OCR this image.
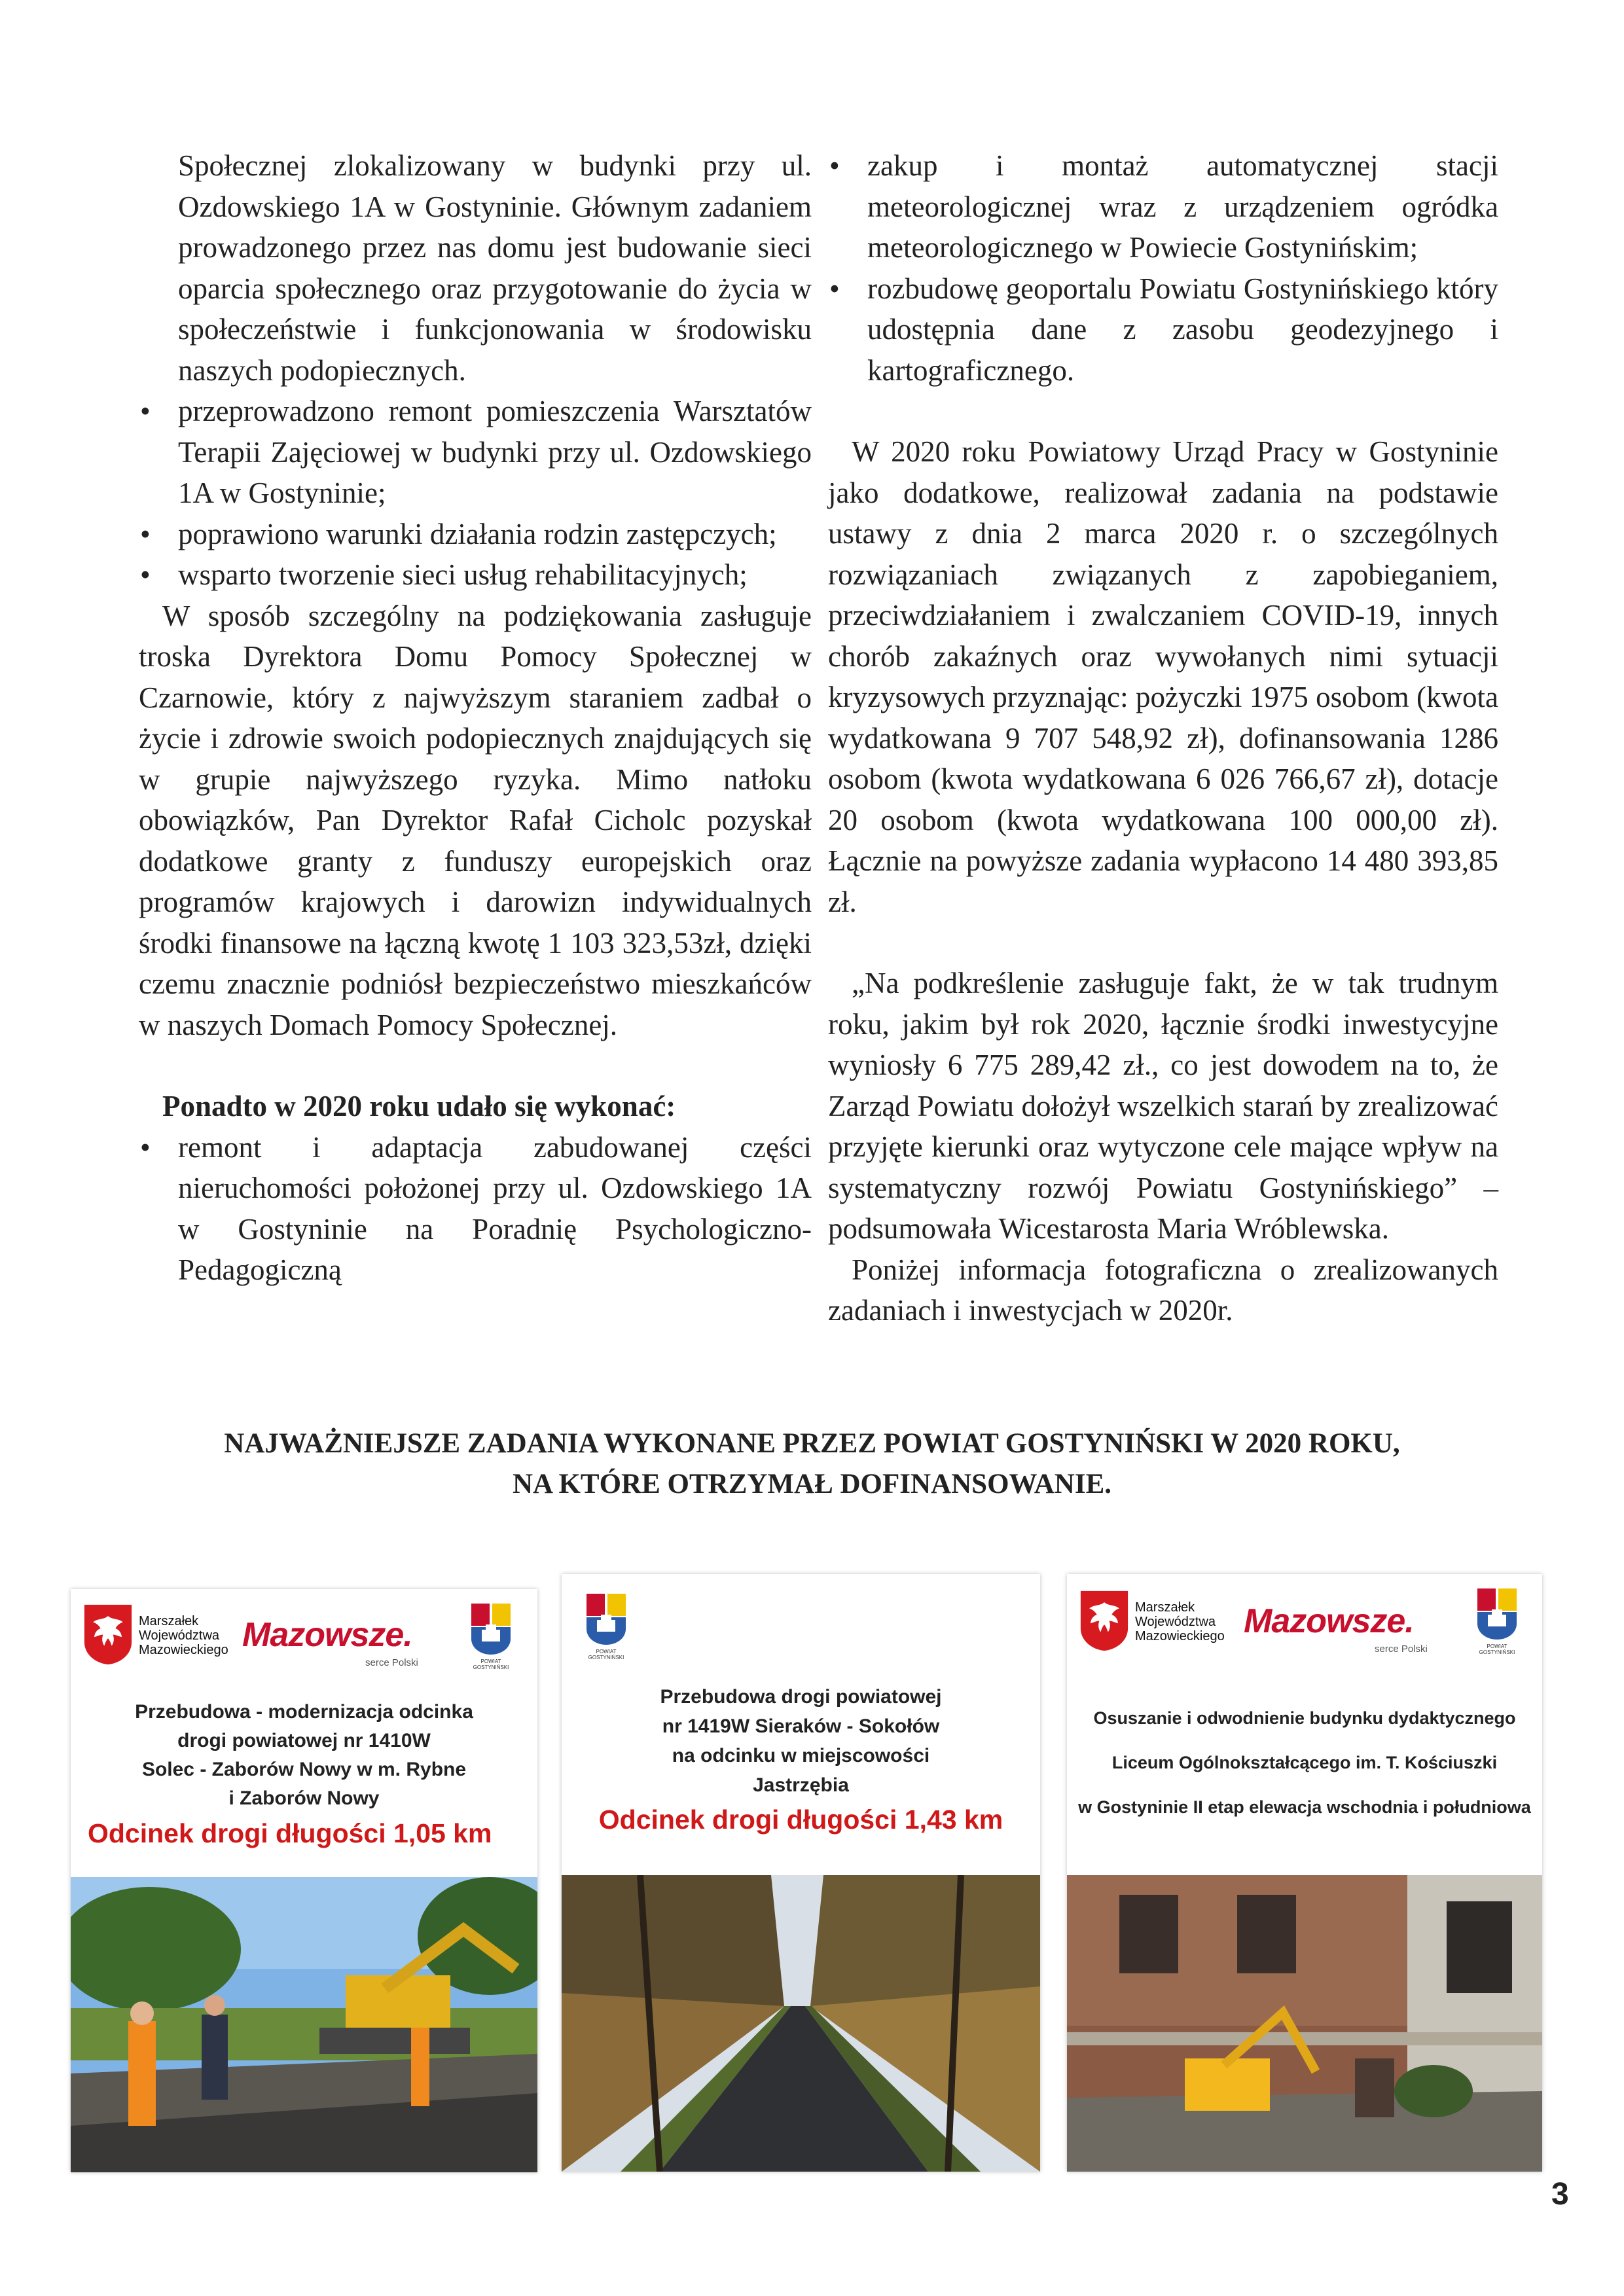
Społecznej zlokalizowany w budynki przy ul. Ozdowskiego 1A w Gostyninie. Głównym zadaniem prowadzonego przez nas domu jest budowanie sieci oparcia społecznego oraz przygotowanie do życia w społeczeństwie i funkcjonowania w środowisku naszych podopiecznych.

• przeprowadzono remont pomieszczenia Warsztatów Terapii Zajęciowej w budynki przy ul. Ozdowskiego 1A w Gostyninie;
• poprawiono warunki działania rodzin zastępczych;
• wsparto tworzenie sieci usług rehabilitacyjnych;

W sposób szczególny na podziękowania zasługuje troska Dyrektora Domu Pomocy Społecznej w Czarnowie, który z najwyższym staraniem zadbał o życie i zdrowie swoich podopiecznych znajdujących się w grupie najwyższego ryzyka. Mimo natłoku obowiązków, Pan Dyrektor Rafał Cicholc pozyskał dodatkowe granty z funduszy europejskich oraz programów krajowych i darowizn indywidualnych środki finansowe na łączną kwotę 1 103 323,53zł, dzięki czemu znacznie podniósł bezpieczeństwo mieszkańców w naszych Domach Pomocy Społecznej.

Ponadto w 2020 roku udało się wykonać:

• remont i adaptacja zabudowanej części nieruchomości położonej przy ul. Ozdowskiego 1A w Gostyninie na Poradnię Psychologiczno-Pedagogiczną
• zakup i montaż automatycznej stacji meteorologicznej wraz z urządzeniem ogródka meteorologicznego w Powiecie Gostynińskim;
• rozbudowę geoportalu Powiatu Gostynińskiego który udostępnia dane z zasobu geodezyjnego i kartograficznego.

W 2020 roku Powiatowy Urząd Pracy w Gostyninie jako dodatkowe, realizował zadania na podstawie ustawy z dnia 2 marca 2020 r. o szczególnych rozwiązaniach związanych z zapobieganiem, przeciwdziałaniem i zwalczaniem COVID-19, innych chorób zakaźnych oraz wywołanych nimi sytuacji kryzysowych przyznając: pożyczki 1975 osobom (kwota wydatkowana 9 707 548,92 zł), dofinansowania 1286 osobom (kwota wydatkowana 6 026 766,67 zł), dotacje 20 osobom (kwota wydatkowana 100 000,00 zł). Łącznie na powyższe zadania wypłacono 14 480 393,85 zł.

„Na podkreślenie zasługuje fakt, że w tak trudnym roku, jakim był rok 2020, łącznie środki inwestycyjne wyniosły 6 775 289,42 zł., co jest dowodem na to, że Zarząd Powiatu dołożył wszelkich starań by zrealizować przyjęte kierunki oraz wytyczone cele mające wpływ na systematyczny rozwój Powiatu Gostynińskiego” – podsumowała Wicestarosta Maria Wróblewska.

Poniżej informacja fotograficzna o zrealizowanych zadaniach i inwestycjach w 2020r.

NAJWAŻNIEJSZE ZADANIA WYKONANE PRZEZ POWIAT GOSTYNIŃSKI W 2020 ROKU,
NA KTÓRE OTRZYMAŁ DOFINANSOWANIE.
Marszałek
Województwa
Mazowieckiego Mazowsze.
serce Polski	POWIAT GOSTYNIŃSKI
Przebudowa - modernizacja odcinka
drogi powiatowej nr 1410W
Solec - Zaborów Nowy w m. Rybne
i Zaborów Nowy
Odcinek drogi długości 1,05 km
POWIAT GOSTYNIŃSKI
Przebudowa drogi powiatowej
nr 1419W Sieraków - Sokołów
na odcinku w miejscowości
Jastrzębia
Odcinek drogi długości 1,43 km
Marszałek
Województwa
Mazowieckiego Mazowsze.
serce Polski	POWIAT GOSTYNIŃSKI
Osuszanie i odwodnienie budynku dydaktycznego
Liceum Ogólnokształcącego im. T. Kościuszki
w Gostyninie II etap elewacja wschodnia i południowa
3
